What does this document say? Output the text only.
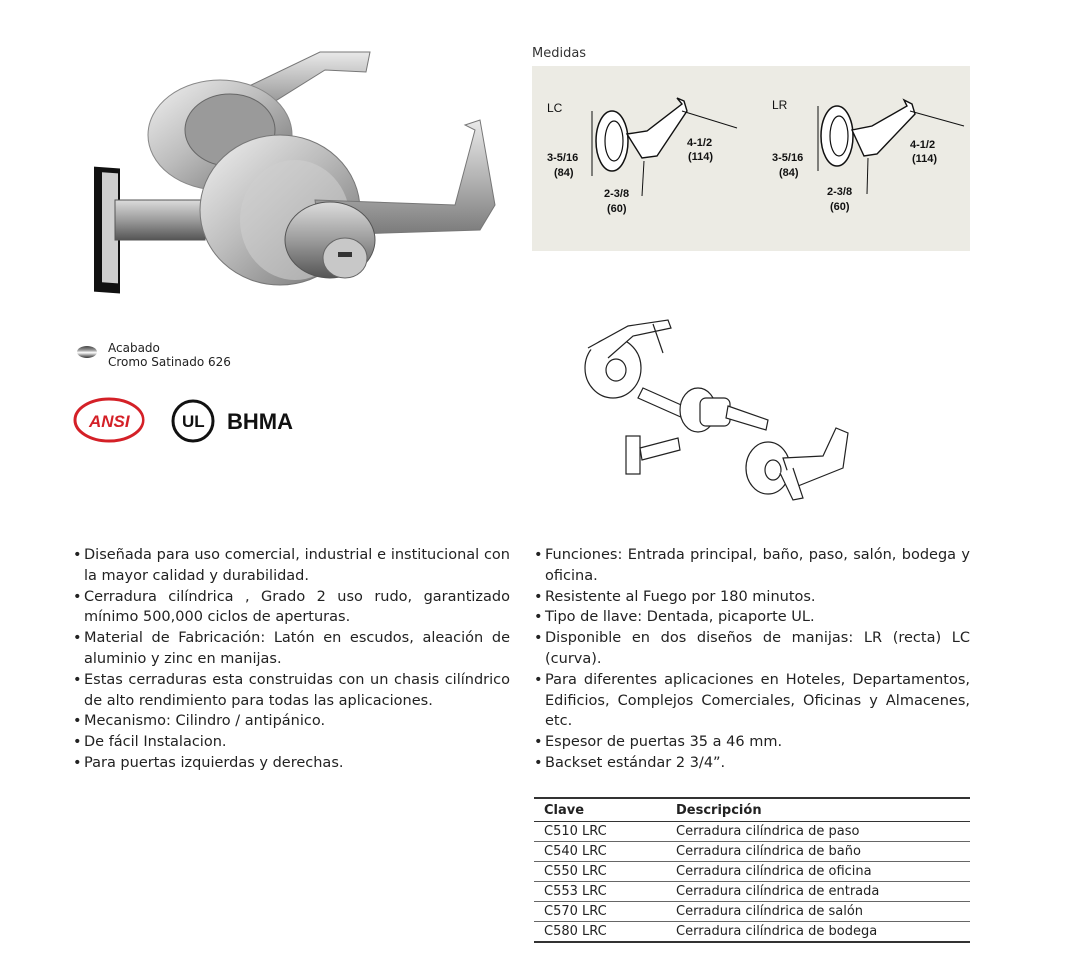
Medidas
LC
3-5/16
(84)
4-1/2
(114)
2-3/8
(60)
LR
3-5/16
(84)
4-1/2
(114)
2-3/8
(60)
Acabado
Cromo Satinado 626
ANSI	UL BHMA
• Diseñada para uso comercial, industrial e institucional con la mayor calidad y durabilidad.
• Cerradura cilíndrica , Grado 2 uso rudo, garantizado mínimo 500,000 ciclos de aperturas.
• Material de Fabricación: Latón en escudos, aleación de aluminio y zinc en manijas.
• Estas cerraduras esta construidas con un chasis cilíndrico de alto rendimiento para todas las aplicaciones.
• Mecanismo: Cilindro / antipánico.
• De fácil Instalacion.
• Para puertas izquierdas y derechas.
• Funciones: Entrada principal, baño, paso, salón, bodega y oficina.
• Resistente al Fuego por 180 minutos.
• Tipo de llave: Dentada, picaporte UL.
• Disponible en dos diseños de manijas: LR (recta) LC (curva).
• Para diferentes aplicaciones en Hoteles, Departamentos, Edificios, Complejos Comerciales, Oficinas y Almacenes, etc.
• Espesor de puertas 35 a 46 mm.
• Backset estándar 2 3/4”.
Clave	Descripción
C510 LRC	Cerradura cilíndrica de paso
C540 LRC	Cerradura cilíndrica de baño
C550 LRC	Cerradura cilíndrica de oficina
C553 LRC	Cerradura cilíndrica de entrada
C570 LRC	Cerradura cilíndrica de salón
C580 LRC	Cerradura cilíndrica de bodega
